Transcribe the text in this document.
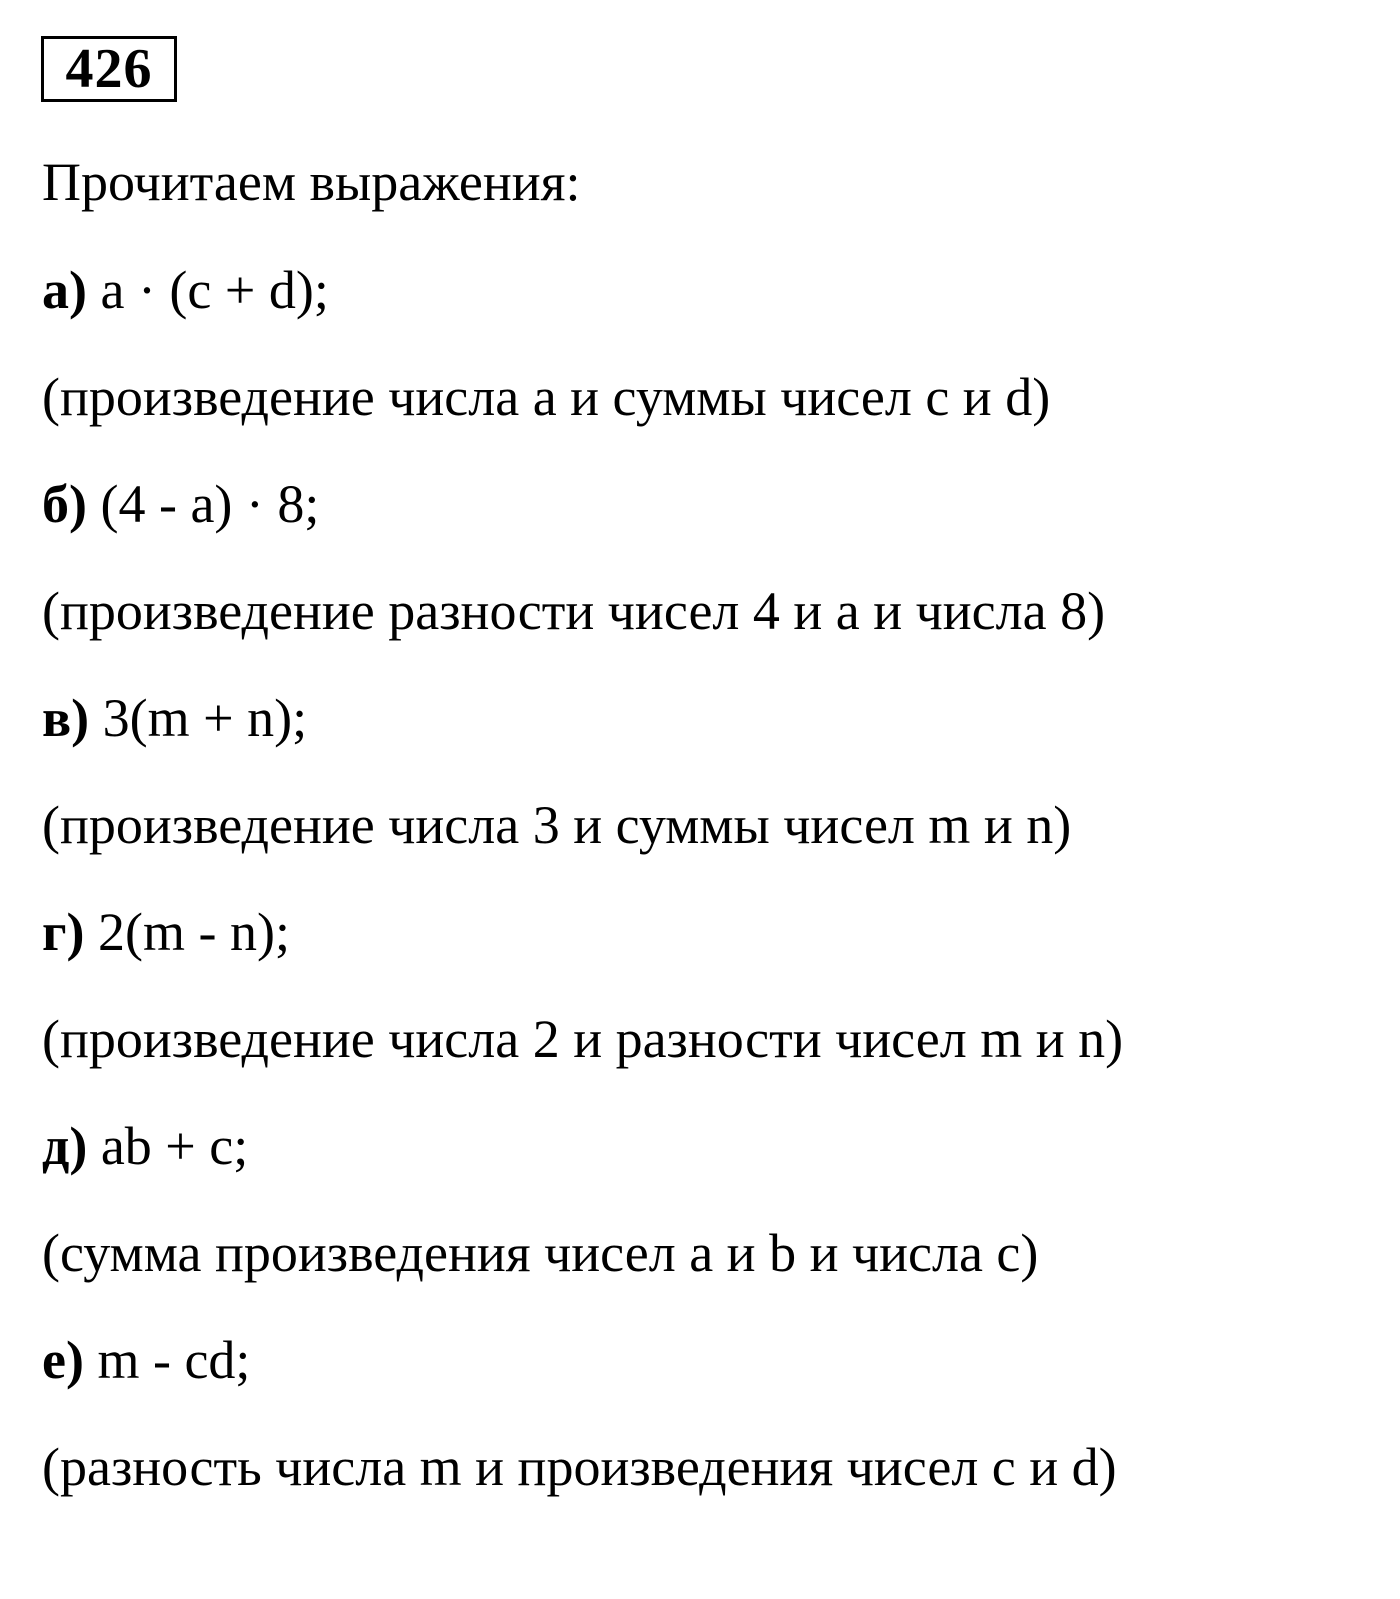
426
Прочитаем выражения:
а) a · (c + d);
(произведение числа a и суммы чисел c и d)
б) (4 - a) · 8;
(произведение разности чисел 4 и a и числа 8)
в) 3(m + n);
(произведение числа 3 и суммы чисел m и n)
г) 2(m - n);
(произведение числа 2 и разности чисел m и n)
д) ab + c;
(сумма произведения чисел a и b и числа c)
е) m - cd;
(разность числа m и произведения чисел c и d)
